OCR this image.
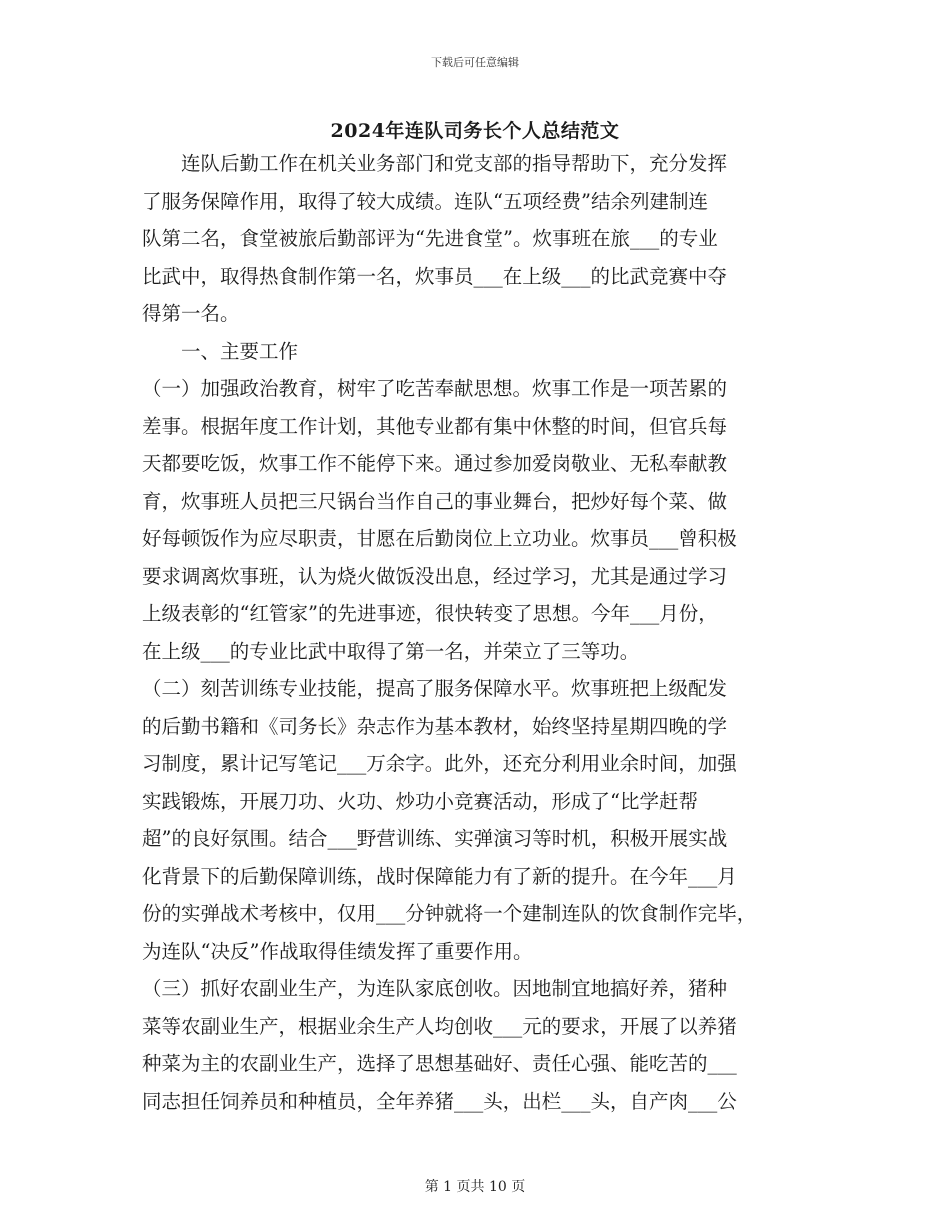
下载后可任意编辑
2024年连队司务长个人总结范文
　　连队后勤工作在机关业务部门和党支部的指导帮助下，充分发挥
了服务保障作用，取得了较大成绩。连队“五项经费”结余列建制连
队第二名，食堂被旅后勤部评为“先进食堂”。炊事班在旅___的专业
比武中，取得热食制作第一名，炊事员___在上级___的比武竞赛中夺
得第一名。
　　一、主要工作
（一）加强政治教育，树牢了吃苦奉献思想。炊事工作是一项苦累的
差事。根据年度工作计划，其他专业都有集中休整的时间，但官兵每
天都要吃饭，炊事工作不能停下来。通过参加爱岗敬业、无私奉献教
育，炊事班人员把三尺锅台当作自己的事业舞台，把炒好每个菜、做
好每顿饭作为应尽职责，甘愿在后勤岗位上立功业。炊事员___曾积极
要求调离炊事班，认为烧火做饭没出息，经过学习，尤其是通过学习
上级表彰的“红管家”的先进事迹，很快转变了思想。今年___月份，
在上级___的专业比武中取得了第一名，并荣立了三等功。
（二）刻苦训练专业技能，提高了服务保障水平。炊事班把上级配发
的后勤书籍和《司务长》杂志作为基本教材，始终坚持星期四晚的学
习制度，累计记写笔记___万余字。此外，还充分利用业余时间，加强
实践锻炼，开展刀功、火功、炒功小竞赛活动，形成了“比学赶帮
超”的良好氛围。结合___野营训练、实弹演习等时机，积极开展实战
化背景下的后勤保障训练，战时保障能力有了新的提升。在今年___月
份的实弹战术考核中，仅用___分钟就将一个建制连队的饮食制作完毕，
为连队“决反”作战取得佳绩发挥了重要作用。
（三）抓好农副业生产，为连队家底创收。因地制宜地搞好养，猪种
菜等农副业生产，根据业余生产人均创收___元的要求，开展了以养猪
种菜为主的农副业生产，选择了思想基础好、责任心强、能吃苦的___
同志担任饲养员和种植员，全年养猪___头，出栏___头，自产肉___公
第 1 页共 10 页
